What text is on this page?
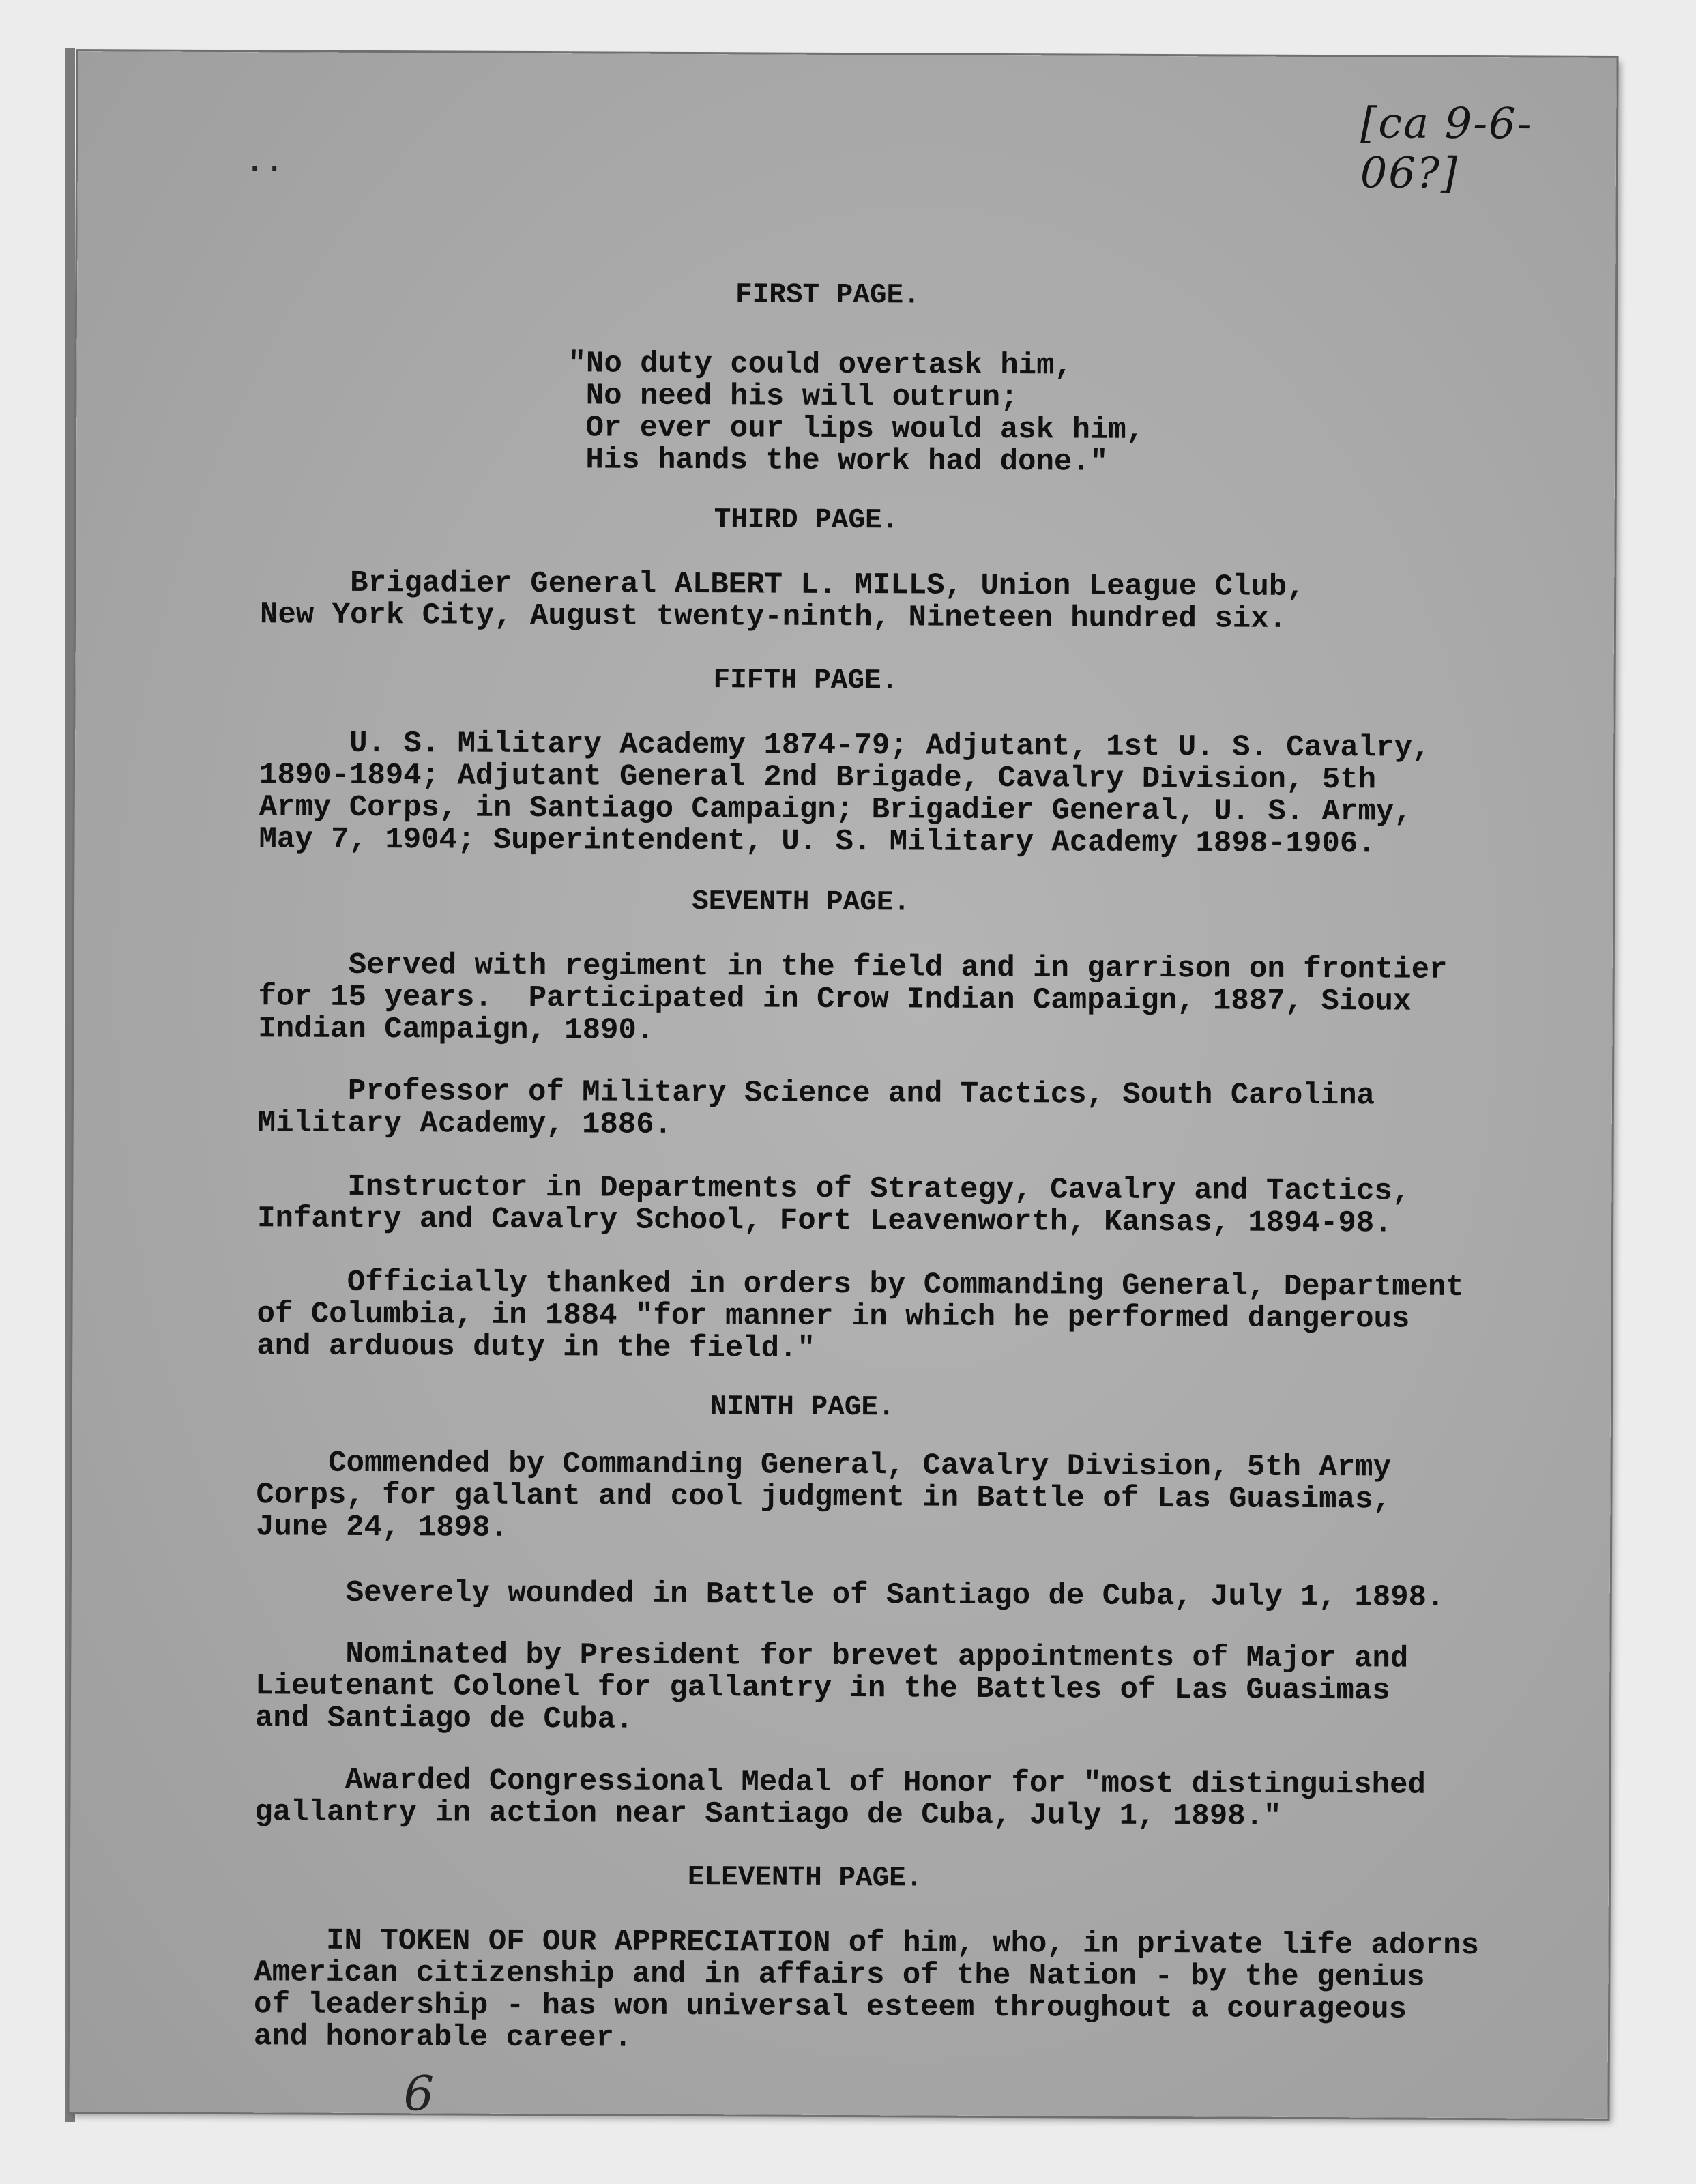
..
[ca 9-6-06?]
FIRST PAGE.
"No duty could overtask him,
No need his will outrun;
Or ever our lips would ask him,
His hands the work had done."
THIRD PAGE.
Brigadier General ALBERT L. MILLS, Union League Club,
New York City, August twenty-ninth, Nineteen hundred six.
FIFTH PAGE.
U. S. Military Academy 1874-79; Adjutant, 1st U. S. Cavalry,
1890-1894; Adjutant General 2nd Brigade, Cavalry Division, 5th
Army Corps, in Santiago Campaign; Brigadier General, U. S. Army,
May 7, 1904; Superintendent, U. S. Military Academy 1898-1906.
SEVENTH PAGE.
Served with regiment in the field and in garrison on frontier
for 15 years.  Participated in Crow Indian Campaign, 1887, Sioux
Indian Campaign, 1890.
Professor of Military Science and Tactics, South Carolina
Military Academy, 1886.
Instructor in Departments of Strategy, Cavalry and Tactics,
Infantry and Cavalry School, Fort Leavenworth, Kansas, 1894-98.
Officially thanked in orders by Commanding General, Department
of Columbia, in 1884 "for manner in which he performed dangerous
and arduous duty in the field."
NINTH PAGE.
Commended by Commanding General, Cavalry Division, 5th Army
Corps, for gallant and cool judgment in Battle of Las Guasimas,
June 24, 1898.
Severely wounded in Battle of Santiago de Cuba, July 1, 1898.
Nominated by President for brevet appointments of Major and
Lieutenant Colonel for gallantry in the Battles of Las Guasimas
and Santiago de Cuba.
Awarded Congressional Medal of Honor for "most distinguished
gallantry in action near Santiago de Cuba, July 1, 1898."
ELEVENTH PAGE.
IN TOKEN OF OUR APPRECIATION of him, who, in private life adorns
American citizenship and in affairs of the Nation - by the genius
of leadership - has won universal esteem throughout a courageous
and honorable career.
6
